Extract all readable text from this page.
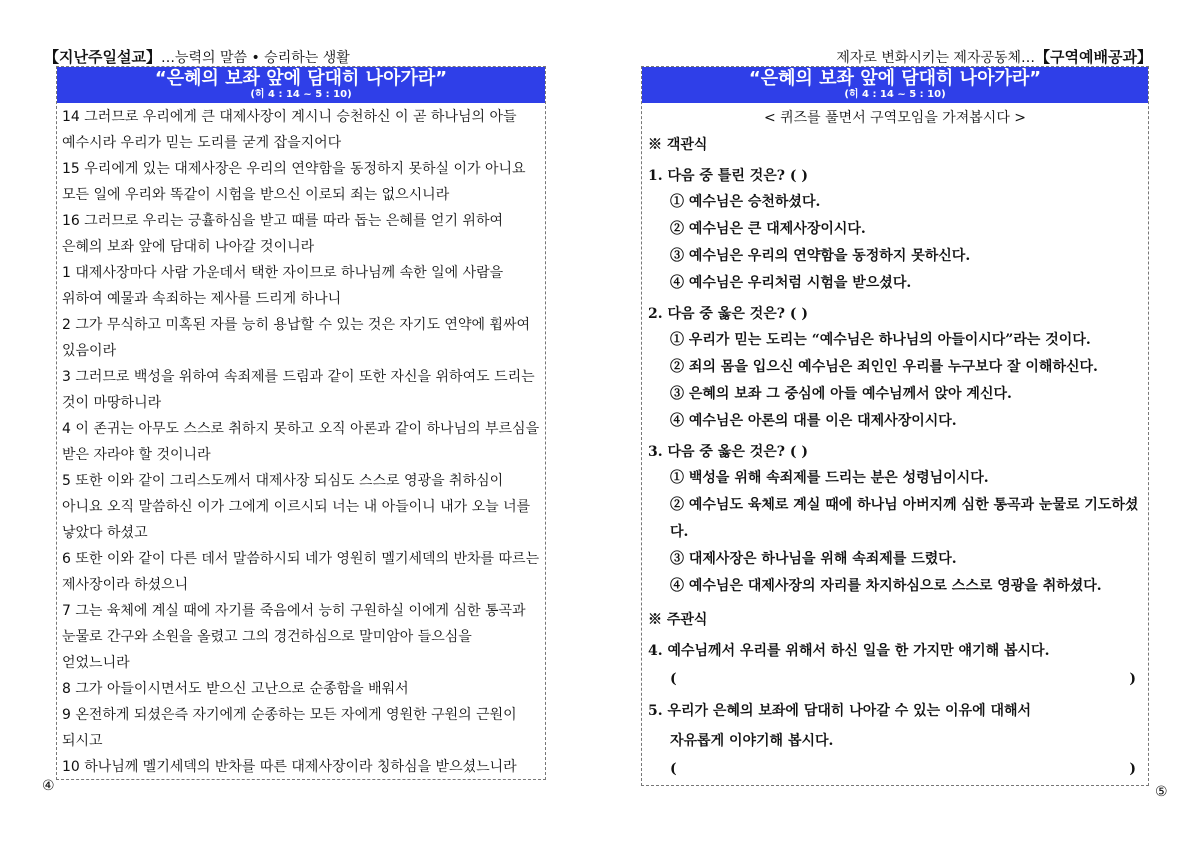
【지난주일설교】…능력의 말씀 • 승리하는 생활	제자로 변화시키는 제자공동체…【구역예배공과】
“은혜의 보좌 앞에 담대히 나아가라”
(히 4 : 14 ~ 5 : 10)

14 그러므로 우리에게 큰 대제사장이 계시니 승천하신 이 곧 하나님의 아들 예수시라 우리가 믿는 도리를 굳게 잡을지어다

15 우리에게 있는 대제사장은 우리의 연약함을 동정하지 못하실 이가 아니요 모든 일에 우리와 똑같이 시험을 받으신 이로되 죄는 없으시니라

16 그러므로 우리는 긍휼하심을 받고 때를 따라 돕는 은혜를 얻기 위하여 은혜의 보좌 앞에 담대히 나아갈 것이니라

1 대제사장마다 사람 가운데서 택한 자이므로 하나님께 속한 일에 사람을 위하여 예물과 속죄하는 제사를 드리게 하나니

2 그가 무식하고 미혹된 자를 능히 용납할 수 있는 것은 자기도 연약에 휩싸여 있음이라

3 그러므로 백성을 위하여 속죄제를 드림과 같이 또한 자신을 위하여도 드리는 것이 마땅하니라

4 이 존귀는 아무도 스스로 취하지 못하고 오직 아론과 같이 하나님의 부르심을 받은 자라야 할 것이니라

5 또한 이와 같이 그리스도께서 대제사장 되심도 스스로 영광을 취하심이 아니요 오직 말씀하신 이가 그에게 이르시되 너는 내 아들이니 내가 오늘 너를 낳았다 하셨고

6 또한 이와 같이 다른 데서 말씀하시되 네가 영원히 멜기세덱의 반차를 따르는 제사장이라 하셨으니

7 그는 육체에 계실 때에 자기를 죽음에서 능히 구원하실 이에게 심한 통곡과 눈물로 간구와 소원을 올렸고 그의 경건하심으로 말미암아 들으심을 얻었느니라

8 그가 아들이시면서도 받으신 고난으로 순종함을 배워서

9 온전하게 되셨은즉 자기에게 순종하는 모든 자에게 영원한 구원의 근원이 되시고

10 하나님께 멜기세덱의 반차를 따른 대제사장이라 칭하심을 받으셨느니라

④
“은혜의 보좌 앞에 담대히 나아가라”
(히 4 : 14 ~ 5 : 10)
< 퀴즈를 풀면서 구역모임을 가져봅시다 >
※ 객관식
1. 다음 중 틀린 것은? ( )
① 예수님은 승천하셨다.
② 예수님은 큰 대제사장이시다.
③ 예수님은 우리의 연약함을 동정하지 못하신다.
④ 예수님은 우리처럼 시험을 받으셨다.
2. 다음 중 옳은 것은? ( )
① 우리가 믿는 도리는 “예수님은 하나님의 아들이시다”라는 것이다.
② 죄의 몸을 입으신 예수님은 죄인인 우리를 누구보다 잘 이해하신다.
③ 은혜의 보좌 그 중심에 아들 예수님께서 앉아 계신다.
④ 예수님은 아론의 대를 이은 대제사장이시다.
3. 다음 중 옳은 것은? ( )
① 백성을 위해 속죄제를 드리는 분은 성령님이시다.
② 예수님도 육체로 계실 때에 하나님 아버지께 심한 통곡과 눈물로 기도하셨다.
③ 대제사장은 하나님을 위해 속죄제를 드렸다.
④ 예수님은 대제사장의 자리를 차지하심으로 스스로 영광을 취하셨다.
※ 주관식
4. 예수님께서 우리를 위해서 하신 일을 한 가지만 얘기해 봅시다.
(	)
5. 우리가 은혜의 보좌에 담대히 나아갈 수 있는 이유에 대해서
자유롭게 이야기해 봅시다.
(	)
⑤
